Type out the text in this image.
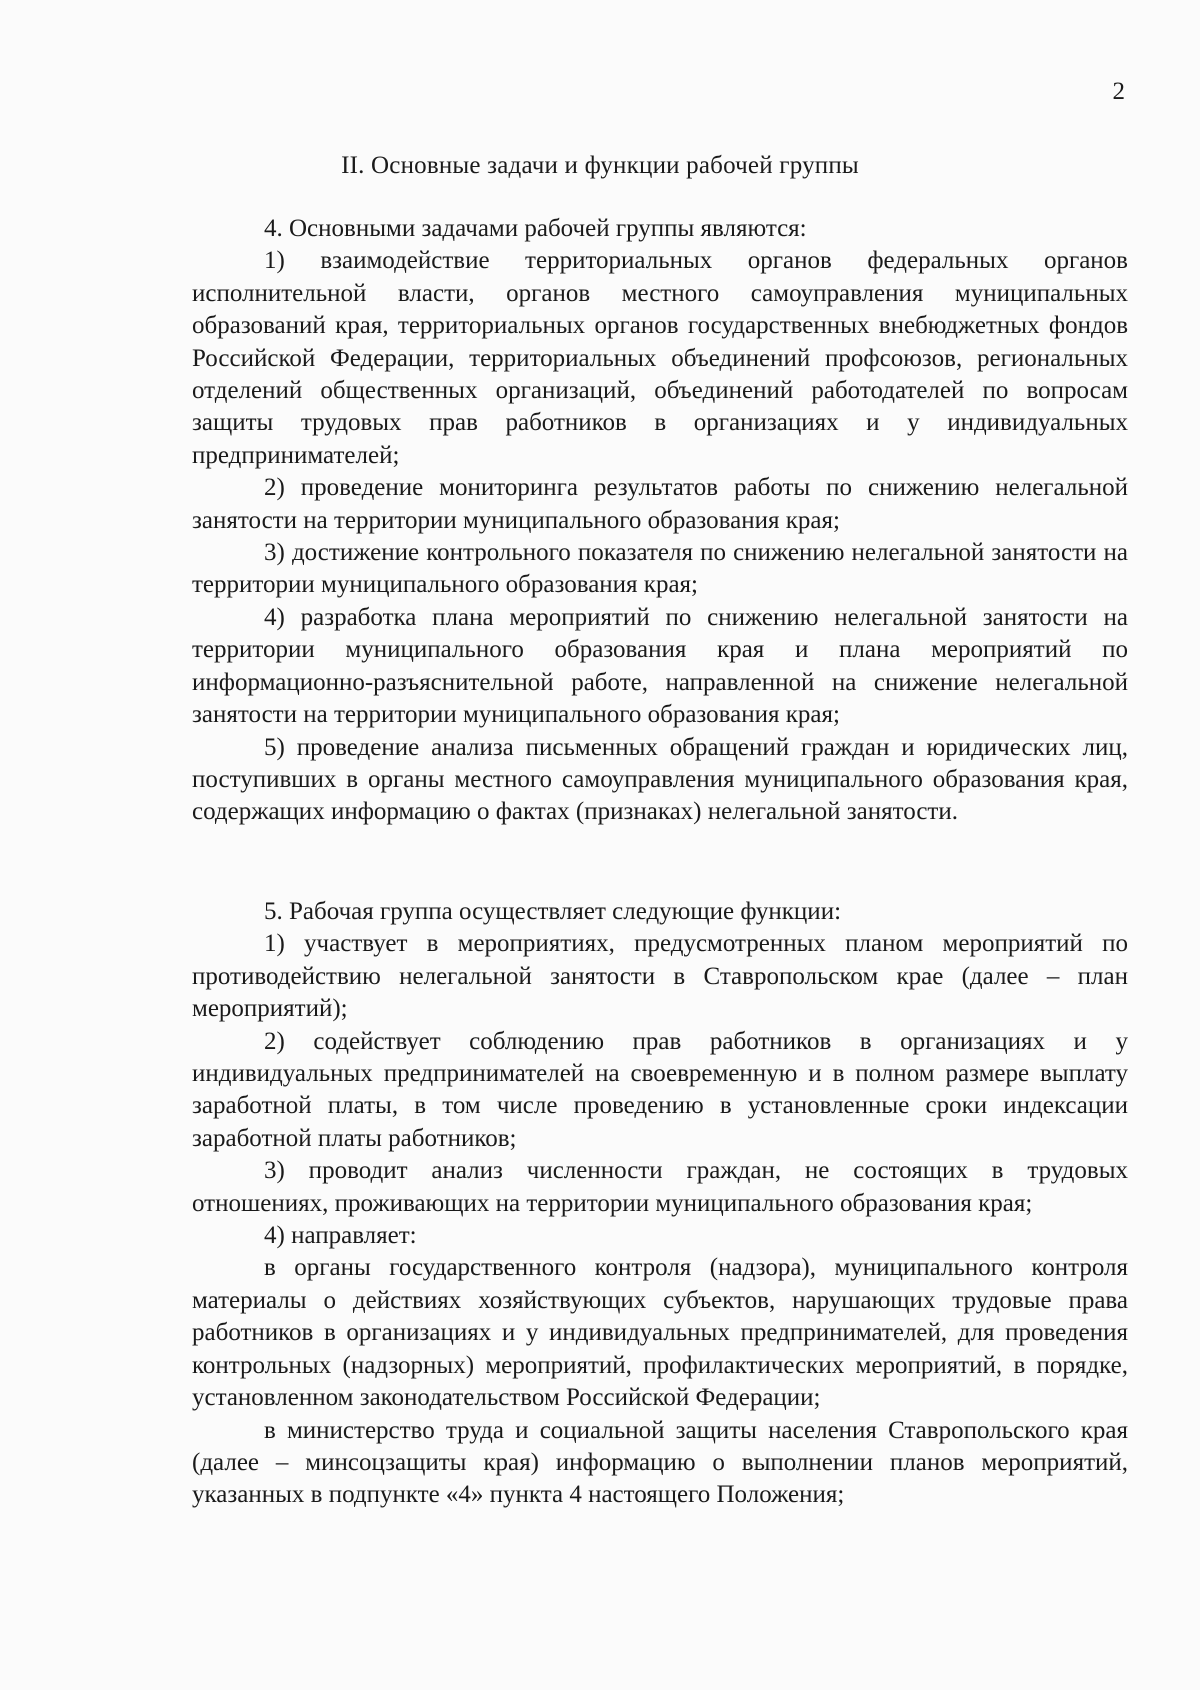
2
II. Основные задачи и функции рабочей группы

4. Основными задачами рабочей группы являются:

1) взаимодействие территориальных органов федеральных органов исполнительной власти, органов местного самоуправления муниципальных образований края, территориальных органов государственных внебюджетных фондов Российской Федерации, территориальных объединений профсоюзов, региональных отделений общественных организаций, объединений работодателей по вопросам защиты трудовых прав работников в организациях и у индивидуальных предпринимателей;

2) проведение мониторинга результатов работы по снижению нелегальной занятости на территории муниципального образования края;

3) достижение контрольного показателя по снижению нелегальной занятости на территории муниципального образования края;

4) разработка плана мероприятий по снижению нелегальной занятости на территории муниципального образования края и плана мероприятий по информационно-разъяснительной работе, направленной на снижение нелегальной занятости на территории муниципального образования края;

5) проведение анализа письменных обращений граждан и юридических лиц, поступивших в органы местного самоуправления муниципального образования края, содержащих информацию о фактах (признаках) нелегальной занятости.

5. Рабочая группа осуществляет следующие функции:

1) участвует в мероприятиях, предусмотренных планом мероприятий по противодействию нелегальной занятости в Ставропольском крае (далее – план мероприятий);

2) содействует соблюдению прав работников в организациях и у индивидуальных предпринимателей на своевременную и в полном размере выплату заработной платы, в том числе проведению в установленные сроки индексации заработной платы работников;

3) проводит анализ численности граждан, не состоящих в трудовых отношениях, проживающих на территории муниципального образования края;

4) направляет:

в органы государственного контроля (надзора), муниципального контроля материалы о действиях хозяйствующих субъектов, нарушающих трудовые права работников в организациях и у индивидуальных предпринимателей, для проведения контрольных (надзорных) мероприятий, профилактических мероприятий, в порядке, установленном законодательством Российской Федерации;

в министерство труда и социальной защиты населения Ставропольского края (далее – минсоцзащиты края) информацию о выполнении планов мероприятий, указанных в подпункте «4» пункта 4 настоящего Положения;
